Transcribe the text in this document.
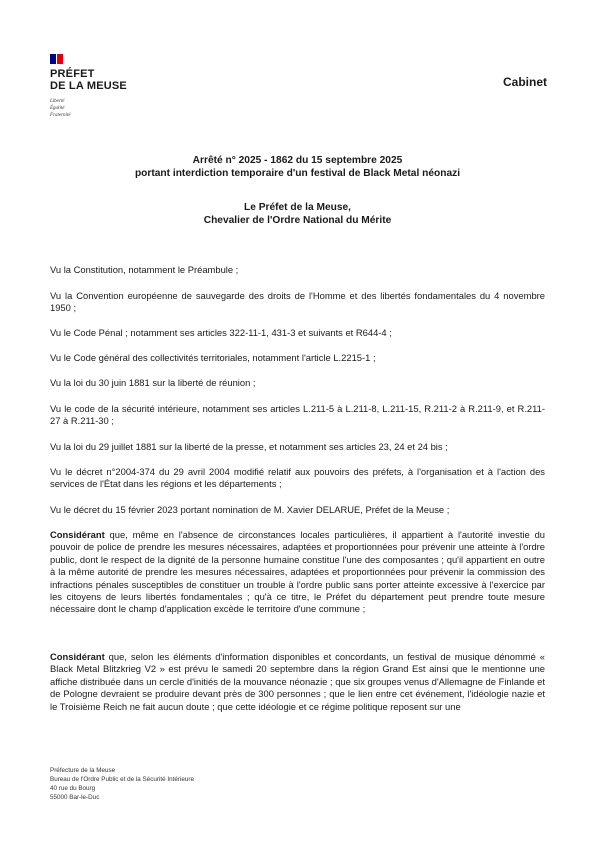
PRÉFET
DE LA MEUSE
Liberté
Égalité
Fraternité
Cabinet
Arrêté n° 2025 - 1862 du 15 septembre 2025
portant interdiction temporaire d'un festival de Black Metal néonazi
Le Préfet de la Meuse,
Chevalier de l'Ordre National du Mérite
Vu la Constitution, notamment le Préambule ;
Vu la Convention européenne de sauvegarde des droits de l'Homme et des libertés fondamentales du 4 novembre 1950 ;
Vu le Code Pénal ; notamment ses articles 322-11-1, 431-3 et suivants et R644-4 ;
Vu le Code général des collectivités territoriales, notamment l'article L.2215-1 ;
Vu la loi du 30 juin 1881 sur la liberté de réunion ;
Vu le code de la sécurité intérieure, notamment ses articles L.211-5 à L.211-8, L.211-15, R.211-2 à R.211-9, et R.211-27 à R.211-30 ;
Vu la loi du 29 juillet 1881 sur la liberté de la presse, et notamment ses articles 23, 24 et 24 bis ;
Vu le décret n°2004-374 du 29 avril 2004 modifié relatif aux pouvoirs des préfets, à l'organisation et à l'action des services de l'État dans les régions et les départements ;
Vu le décret du 15 février 2023 portant nomination de M. Xavier DELARUE, Préfet de la Meuse ;
Considérant que, même en l'absence de circonstances locales particulières, il appartient à l'autorité investie du pouvoir de police de prendre les mesures nécessaires, adaptées et proportionnées pour prévenir une atteinte à l'ordre public, dont le respect de la dignité de la personne humaine constitue l'une des composantes ; qu'il appartient en outre à la même autorité de prendre les mesures nécessaires, adaptées et proportionnées pour prévenir la commission des infractions pénales susceptibles de constituer un trouble à l'ordre public sans porter atteinte excessive à l'exercice par les citoyens de leurs libertés fondamentales ; qu'à ce titre, le Préfet du département peut prendre toute mesure nécessaire dont le champ d'application excède le territoire d'une commune ;
Considérant que, selon les éléments d'information disponibles et concordants, un festival de musique dénommé « Black Metal Blitzkrieg V2 » est prévu le samedi 20 septembre dans la région Grand Est ainsi que le mentionne une affiche distribuée dans un cercle d'initiés de la mouvance néonazie ; que six groupes venus d'Allemagne de Finlande et de Pologne devraient se produire devant près de 300 personnes ; que le lien entre cet événement, l'idéologie nazie et le Troisième Reich ne fait aucun doute ; que cette idéologie et ce régime politique reposent sur une
Préfecture de la Meuse
Bureau de l'Ordre Public et de la Sécurité Intérieure
40 rue du Bourg
55000 Bar-le-Duc
